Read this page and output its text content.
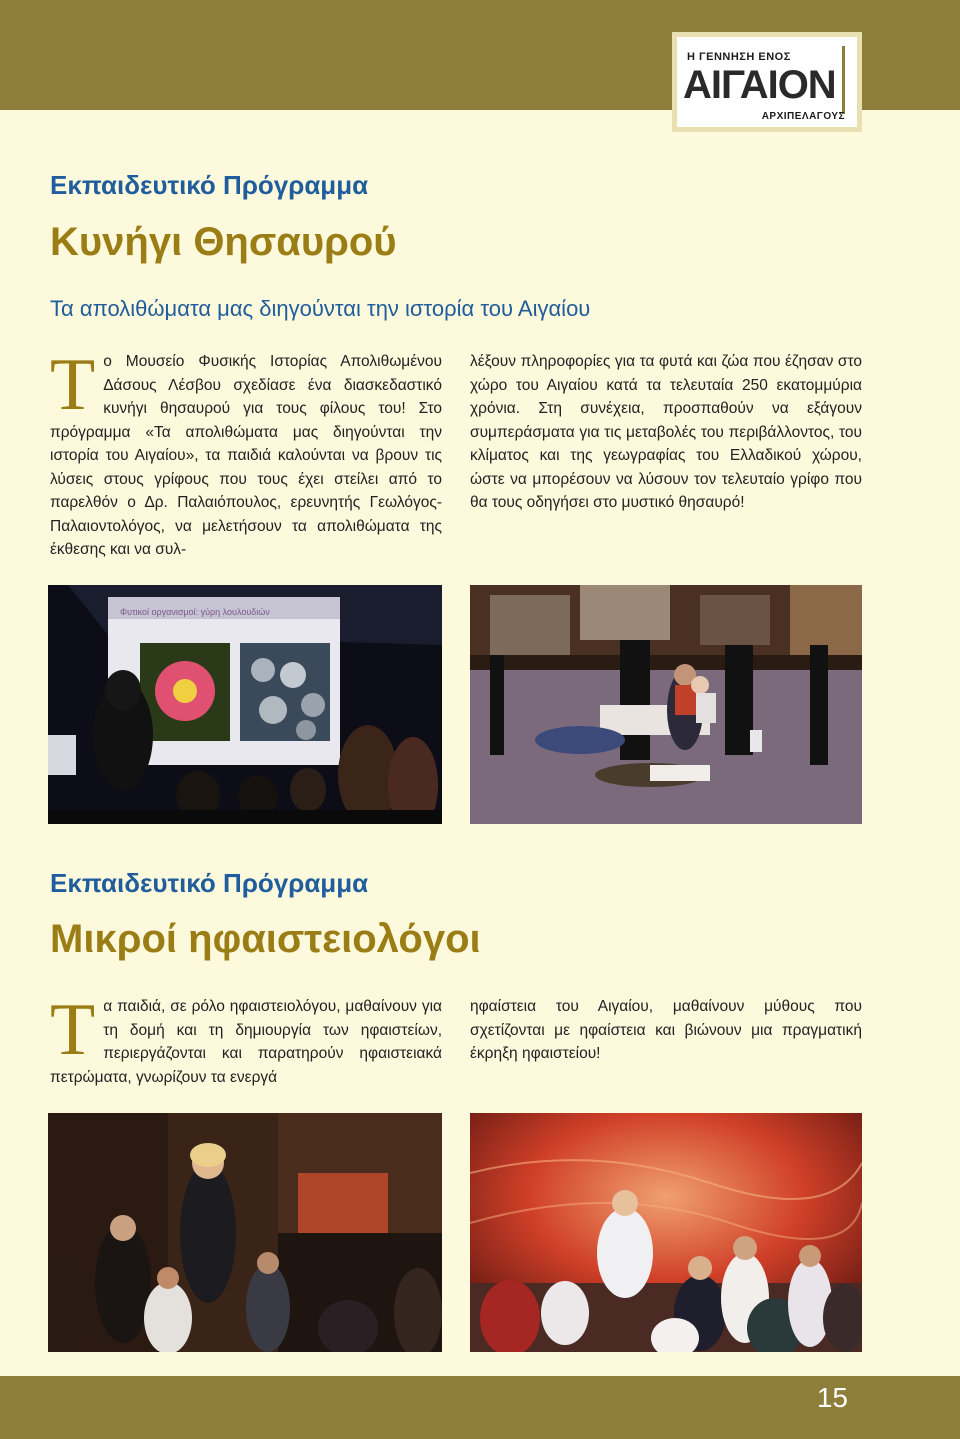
Η ΓΕΝΝΗΣΗ ΕΝΟΣ
ΑΙΓΑΙΟΝ
ΑΡΧΙΠΕΛΑΓΟΥΣ
Εκπαιδευτικό Πρόγραμμα
Κυνήγι Θησαυρού
Τα απολιθώματα μας διηγούνται την ιστορία του Αιγαίου
Το Μουσείο Φυσικής Ιστορίας Απολιθωμένου Δάσους Λέσβου σχεδίασε ένα διασκεδαστικό κυνήγι θησαυρού για τους φίλους του! Στο πρόγραμμα «Τα απολιθώματα μας διηγούνται την ιστορία του Αιγαίου», τα παιδιά καλούνται να βρουν τις λύσεις στους γρίφους που τους έχει στείλει από το παρελθόν ο Δρ. Παλαιόπουλος, ερευνητής Γεωλόγος-Παλαιοντολόγος, να μελετήσουν τα απολιθώματα της έκθεσης και να συλ-
λέξουν πληροφορίες για τα φυτά και ζώα που έζησαν στο χώρο του Αιγαίου κατά τα τελευταία 250 εκατομμύρια χρόνια. Στη συνέχεια, προσπαθούν να εξάγουν συμπεράσματα για τις μεταβολές του περιβάλλοντος, του κλίματος και της γεωγραφίας του Ελλαδικού χώρου, ώστε να μπορέσουν να λύσουν τον τελευταίο γρίφο που θα τους οδηγήσει στο μυστικό θησαυρό!
Φυτικοί οργανισμοί: γύρη λουλουδιών
Εκπαιδευτικό Πρόγραμμα
Μικροί ηφαιστειολόγοι
Τα παιδιά, σε ρόλο ηφαιστειολόγου, μαθαίνουν για τη δομή και τη δημιουργία των ηφαιστείων, περιεργάζονται και παρατηρούν ηφαιστειακά πετρώματα, γνωρίζουν τα ενεργά
ηφαίστεια του Αιγαίου, μαθαίνουν μύθους που σχετίζονται με ηφαίστεια και βιώνουν μια πραγματική έκρηξη ηφαιστείου!
15
